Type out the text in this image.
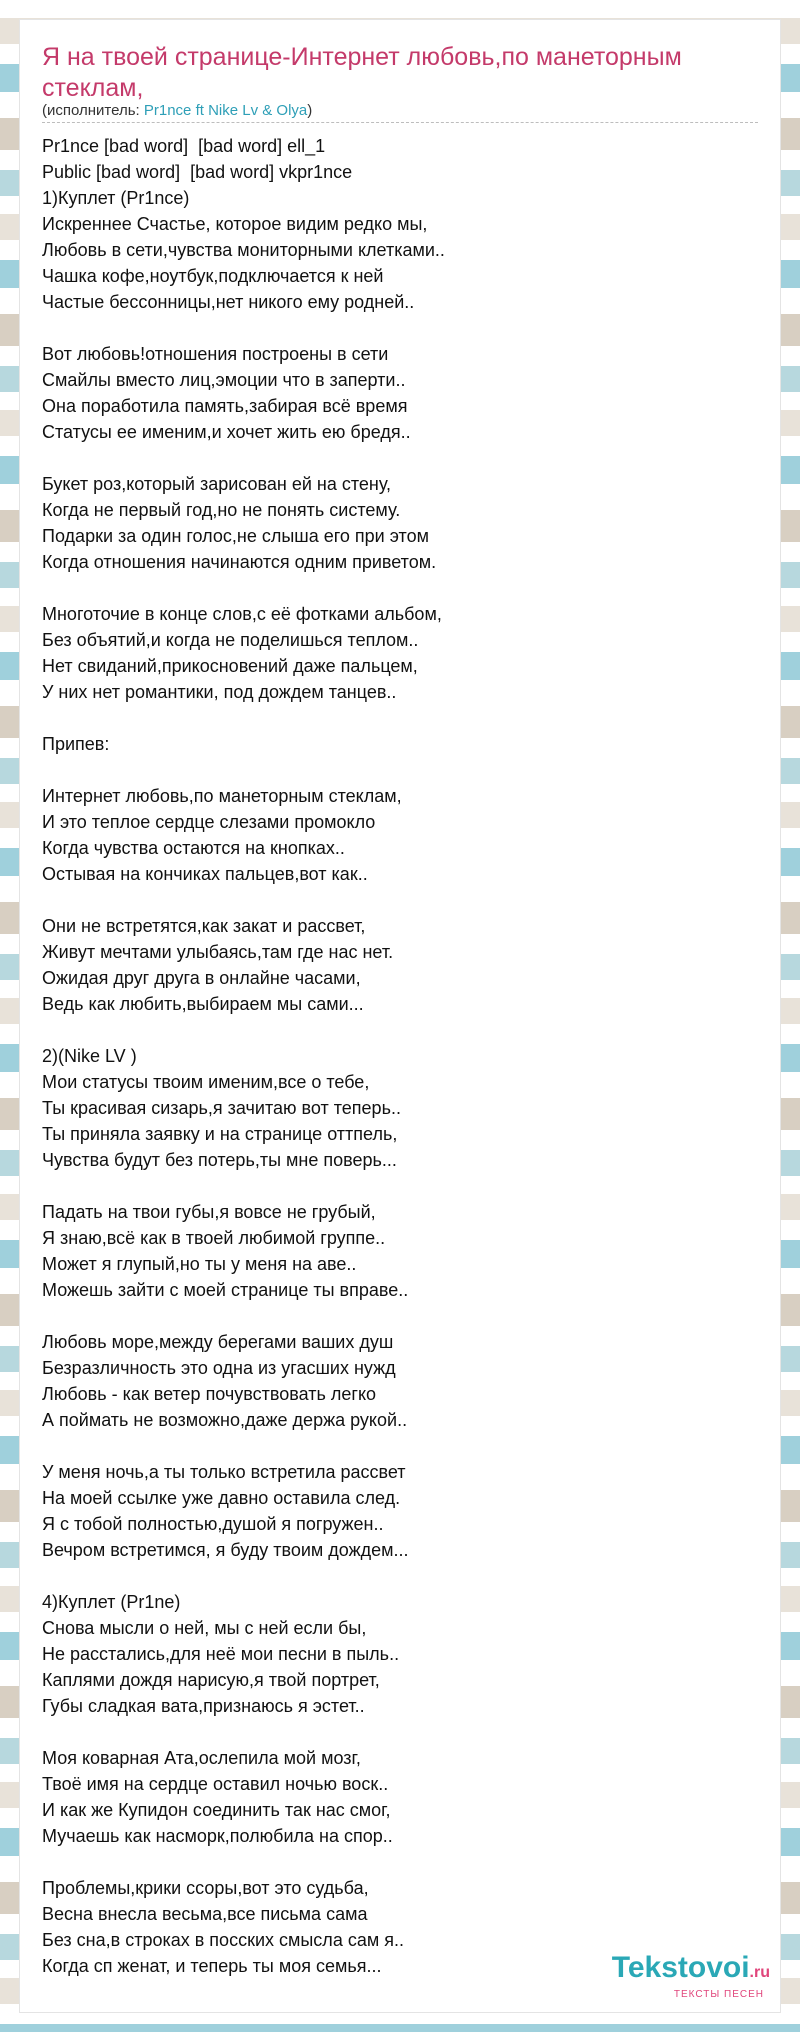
Я на твоей странице-Интернет любовь,по манеторным стеклам,
(исполнитель: Pr1nce ft Nike Lv & Olya)
Pr1nce [bad word]  [bad word] ell_1
Public [bad word]  [bad word] vkpr1nce
1)Куплет (Pr1nce)
Искреннее Счастье, которое видим редко мы,
Любовь в сети,чувства мониторными клетками..
Чашка кофе,ноутбук,подключается к ней
Частые бессонницы,нет никого ему родней..
Вот любовь!отношения построены в сети
Смайлы вместо лиц,эмоции что в заперти..
Она поработила память,забирая всё время
Статусы ее именим,и хочет жить ею бредя..
Букет роз,который зарисован ей на стену,
Когда не первый год,но не понять систему.
Подарки за один голос,не слыша его при этом
Когда отношения начинаются одним приветом.
Многоточие в конце слов,с её фотками альбом,
Без объятий,и когда не поделишься теплом..
Нет свиданий,прикосновений даже пальцем,
У них нет романтики, под дождем танцев..
Припев:
Интернет любовь,по манеторным стеклам,
И это теплое сердце слезами промокло
Когда чувства остаются на кнопках..
Остывая на кончиках пальцев,вот как..
Они не встретятся,как закат и рассвет,
Живут мечтами улыбаясь,там где нас нет.
Ожидая друг друга в онлайне часами,
Ведь как любить,выбираем мы сами...
2)(Nike LV )
Мои статусы твоим именим,все о тебе,
Ты красивая сизарь,я зачитаю вот теперь..
Ты приняла заявку и на странице оттпель,
Чувства будут без потерь,ты мне поверь...
Падать на твои губы,я вовсе не грубый,
Я знаю,всё как в твоей любимой группе..
Может я глупый,но ты у меня на аве..
Можешь зайти с моей странице ты вправе..
Любовь море,между берегами ваших душ
Безразличность это одна из угасших нужд
Любовь - как ветер почувствовать легко
А поймать не возможно,даже держа рукой..
У меня ночь,а ты только встретила рассвет
На моей ссылке уже давно оставила след.
Я с тобой полностью,душой я погружен..
Вечром встретимся, я буду твоим дождем...
4)Куплет (Pr1ne)
Снова мысли о ней, мы с ней если бы,
Не расстались,для неё мои песни в пыль..
Каплями дождя нарисую,я твой портрет,
Губы сладкая вата,признаюсь я эстет..
Моя коварная Ата,ослепила мой мозг,
Твоё имя на сердце оставил ночью воск..
И как же Купидон соединить так нас смог,
Мучаешь как насморк,полюбила на спор..
Проблемы,крики ссоры,вот это судьба,
Весна внесла весьма,все письма сама
Без сна,в строках в посских смысла сам я..
Когда сп женат, и теперь ты моя семья...	Tekstovoi.ru
ТЕКСТЫ ПЕСЕН
